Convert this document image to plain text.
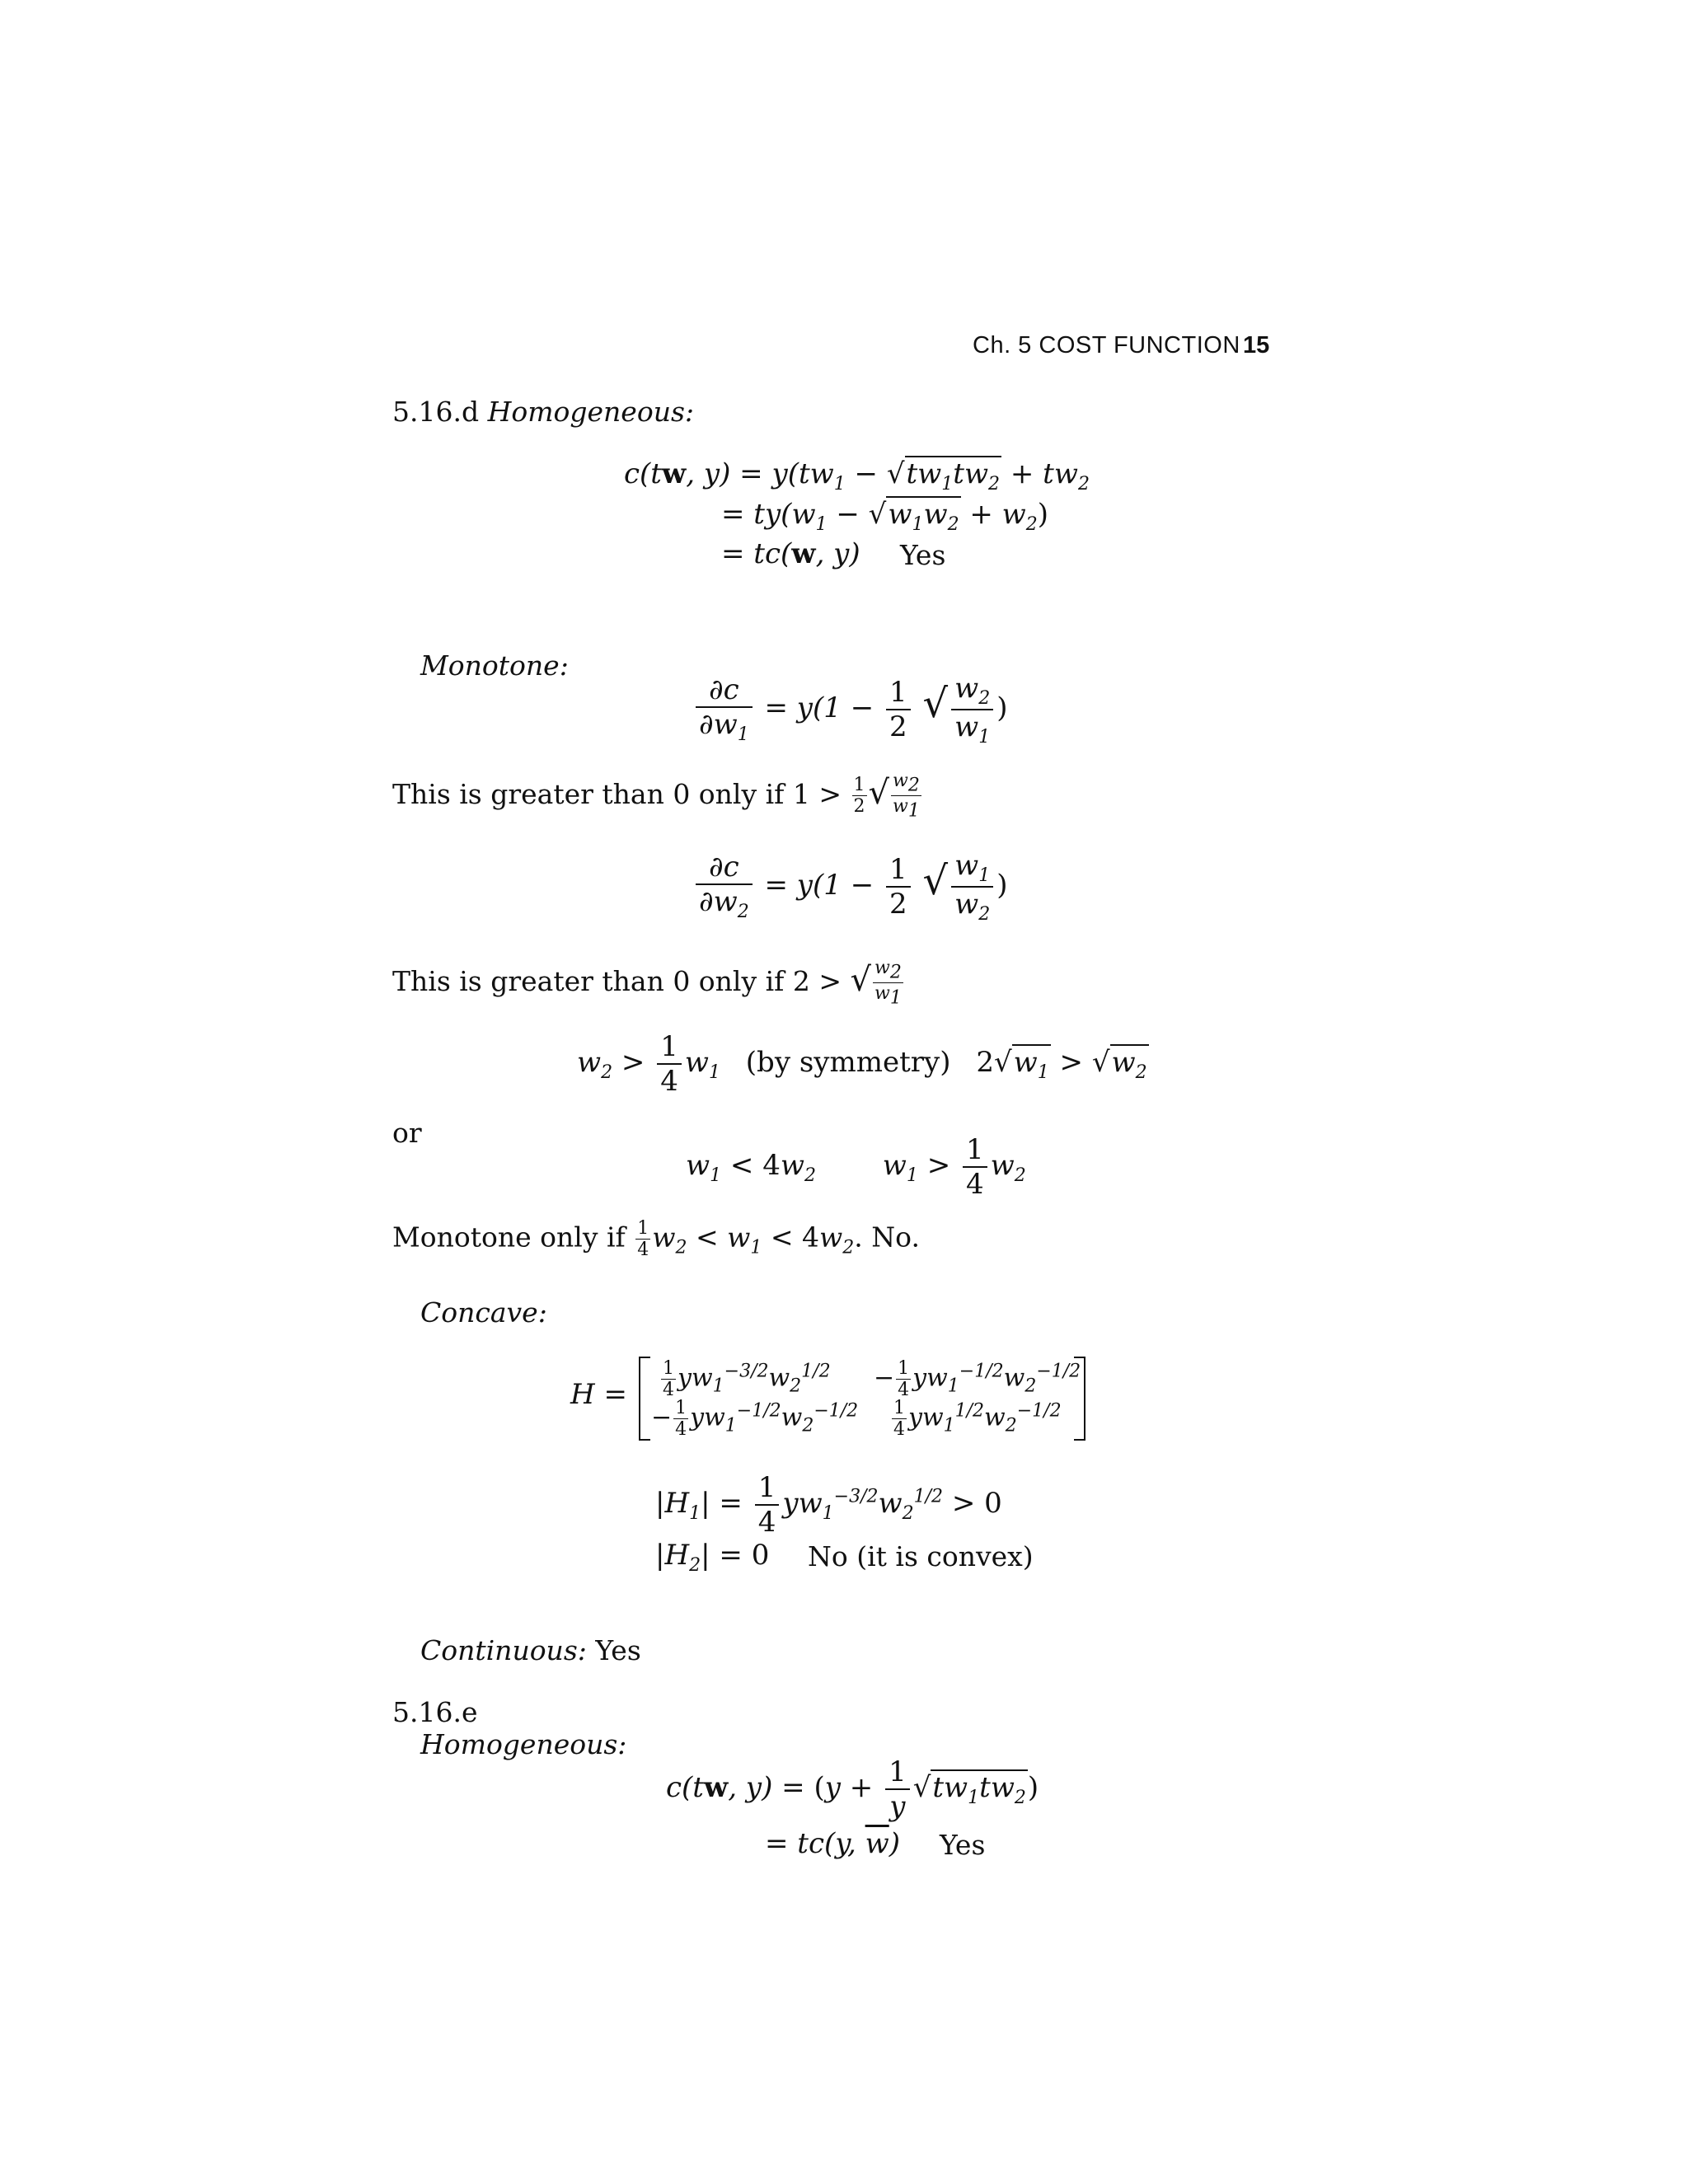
Ch. 5 COST FUNCTION 15
5.16.d Homogeneous:
c(tw, $y) = y(tw_1 - √tw_1tw_2 + tw_2$
= $ty(w_1 - √w_1w_2 + w_2)$
= tc(w, y) Yes
Monotone:
$\frac{\partial c}{\partial w_1} = y(1 - \frac{1}{2}$ √ $\frac{w_2}{w_1}$ )
This is greater than 0 only if $1 > \frac{1}{2}$ √ $\frac{w_2}{w_1}$
$\frac{\partial c}{\partial w_2} = y(1 - \frac{1}{2}$ √ $\frac{w_1}{w_2}$ )
This is greater than 0 only if 2 > √ $\frac{w_2}{w_1}$
$w_2 > \frac{1}{4} w_1$ (by symmetry) $2√w_1 > √w_2$
or
$w_1 < 4w_2$ $w_1 > \frac{1}{4} w_2$
Monotone only if $\frac{1}{4} w_2 < w_1 < 4w_2$. No.
Concave:
$H = \frac{1}{4} yw_1^{-3/2}w_2^{1/2} - \frac{1}{4} yw_1^{-1/2}w_2^{-1/2}$
− $\frac{1}{4} yw_1^{-1/2}w_2^{-1/2} \frac{1}{4} yw_1^{1/2}w_2^{-1/2}$
$|H_1| = \frac{1}{4} yw_1^{-3/2}w_2^{1/2} > 0$
$|H_2| = 0$ No (it is convex)
Continuous: Yes
5.16.e
Homogeneous:
c(tw, $y) = (y + \frac{1}{y} √tw_1tw_2)$
= tc(y, $\overline{w}$) Yes
